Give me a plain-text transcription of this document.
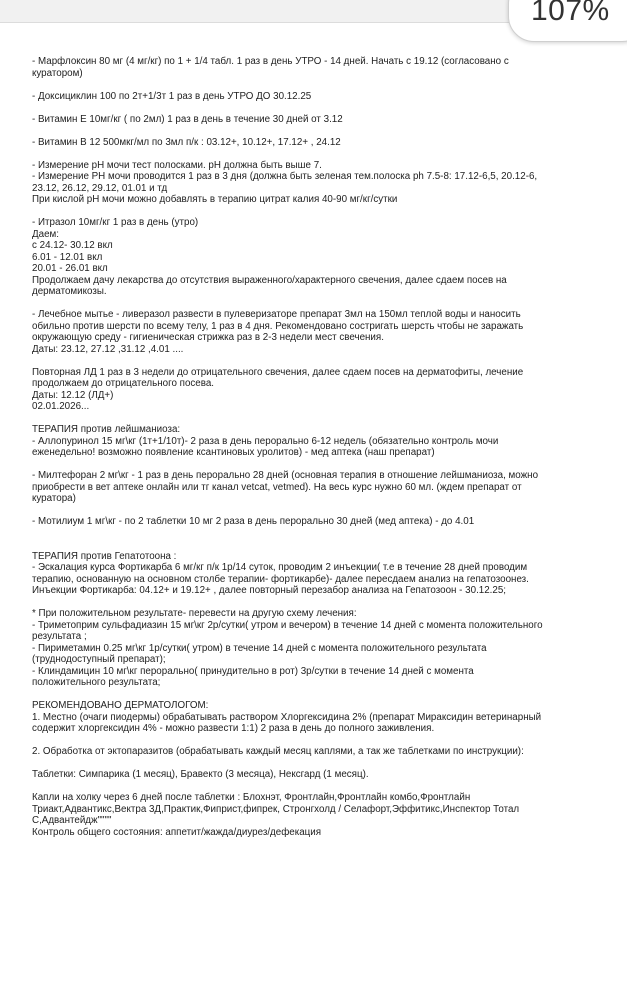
107%
- Марфлоксин 80 мг (4 мг/кг) по 1 + 1/4 табл. 1 раз в день УТРО - 14 дней. Начать с 19.12 (согласовано с
куратором)
- Доксициклин 100 по 2т+1/3т 1 раз в день УТРО ДО 30.12.25
- Витамин Е 10мг/кг ( по 2мл) 1 раз в день в течение 30 дней от 3.12
- Витамин В 12 500мкг/мл по 3мл п/к : 03.12+, 10.12+, 17.12+ , 24.12
- Измерение рН мочи тест полосками. рН должна быть выше 7.
- Измерение РН мочи проводится 1 раз в 3 дня (должна быть зеленая тем.полоска ph 7.5-8: 17.12-6,5, 20.12-6,
23.12, 26.12, 29.12, 01.01 и тд
При кислой рН мочи можно добавлять в терапию цитрат калия 40-90 мг/кг/сутки
- Итразол 10мг/кг 1 раз в день (утро)
Даем:
с 24.12- 30.12 вкл
6.01 - 12.01 вкл
20.01 - 26.01 вкл
Продолжаем дачу лекарства до отсутствия выраженного/характерного свечения, далее сдаем посев на
дерматомикозы.
- Лечебное мытье - ливеразол развести в пулеверизаторе препарат 3мл на 150мл теплой воды и наносить
обильно против шерсти по всему телу, 1 раз в 4 дня. Рекомендовано состригать шерсть чтобы не заражать
окружающую среду - гигиеническая стрижка раз в 2-3 недели мест свечения.
Даты: 23.12, 27.12 ,31.12 ,4.01 ....
Повторная ЛД 1 раз в 3 недели до отрицательного свечения, далее сдаем посев на дерматофиты, лечение
продолжаем до отрицательного посева.
Даты: 12.12 (ЛД+)
02.01.2026...
ТЕРАПИЯ против лейшманиоза:
- Аллопуринол 15 мг\кг (1т+1/10т)- 2 раза в день перорально 6-12 недель (обязательно контроль мочи
еженедельно! возможно появление ксантиновых уролитов) - мед аптека (наш препарат)
- Милтефоран 2 мг\кг - 1 раз в день перорально 28 дней (основная терапия в отношение лейшманиоза, можно
приобрести в вет аптеке онлайн или тг канал vetcat, vetmed). На весь курс нужно 60 мл. (ждем препарат от
куратора)
- Мотилиум 1 мг\кг - по 2 таблетки 10 мг 2 раза в день перорально 30 дней (мед аптека) - до 4.01
ТЕРАПИЯ против Гепатотоона :
- Эскалация курса Фортикарба 6 мг/кг п/к 1р/14 суток, проводим 2 инъекции( т.е в течение 28 дней проводим
терапию, основанную на основном столбе терапии- фортикарбе)- далее пересдаем анализ на гепатозоонез.
Инъекции Фортикарба: 04.12+ и 19.12+ , далее повторный перезабор анализа на Гепатозоон - 30.12.25;
* При положительном результате- перевести на другую схему лечения:
- Триметоприм сульфадиазин 15 мг\кг 2р/сутки( утром и вечером) в течение 14 дней с момента положительного
результата ;
- Пириметамин 0.25 мг\кг 1р/сутки( утром) в течение 14 дней с момента положительного результата
(труднодоступный препарат);
- Клиндамицин 10 мг\кг перорально( принудительно в рот) 3р/сутки в течение 14 дней с момента
положительного результата;
РЕКОМЕНДОВАНО ДЕРМАТОЛОГОМ:
1. Местно (очаги пиодермы) обрабатывать раствором Хлоргексидина 2% (препарат Мираксидин ветеринарный
содержит хлоргексидин 4% - можно развести 1:1) 2 раза в день до полного заживления.
2. Обработка от эктопаразитов (обрабатывать каждый месяц каплями, а так же таблетками по инструкции):
Таблетки: Симпарика (1 месяц), Бравекто (3 месяца), Нексгард (1 месяц).
Капли на холку через 6 дней после таблетки : Блохнэт, Фронтлайн,Фронтлайн комбо,Фронтлайн
Триакт,Адвантикс,Вектра 3Д,Практик,Фиприст,фипрек, Стронгхолд / Селафорт,Эффитикс,Инспектор Тотал
С,Адвантейдж""""
Контроль общего состояния: аппетит/жажда/диурез/дефекация
